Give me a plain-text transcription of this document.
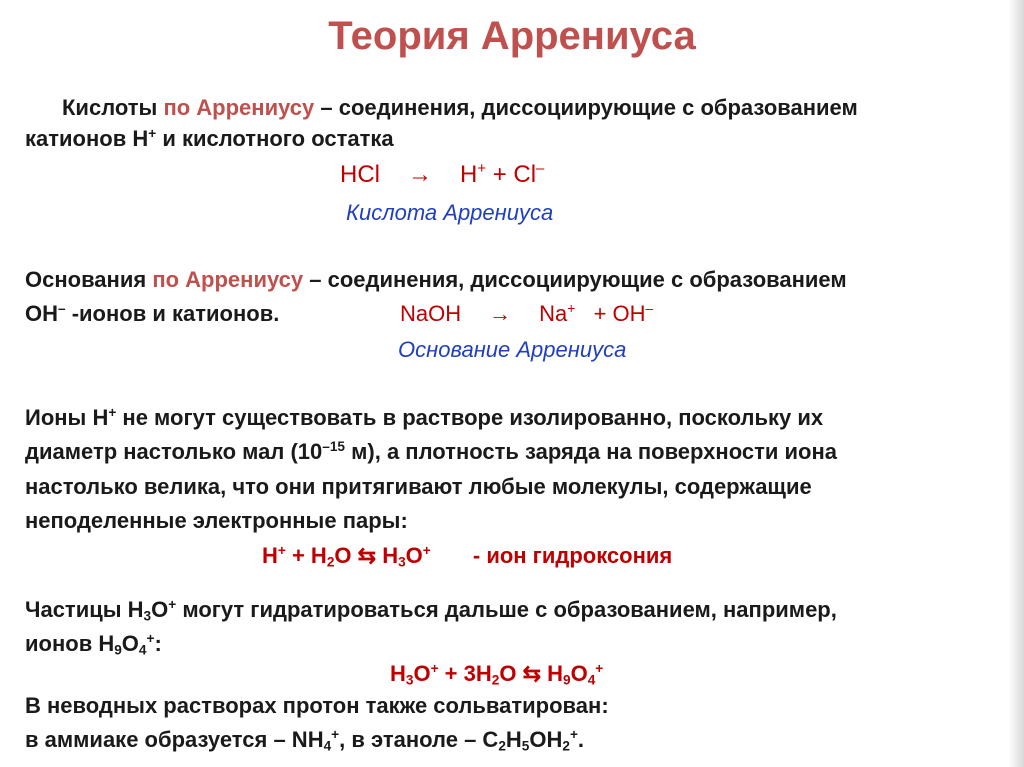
Теория Аррениуса
Кислоты по Аррениусу – соединения, диссоциирующие с образованием
катионов H+ и кислотного остатка
HCl → H+ + Cl–
Кислота Аррениуса
Основания по Аррениусу – соединения, диссоциирующие с образованием
OH– -ионов и катионов.	NaOH → Na+ + OH–
Основание Аррениуса
Ионы H+ не могут существовать в растворе изолированно, поскольку их
диаметр настолько мал ($10^{-15}$ м), а плотность заряда на поверхности иона
настолько велика, что они притягивают любые молекулы, содержащие
неподеленные электронные пары:
$H^+ + H_2O$ ⇆ $H_3O^+$ - ион гидроксония
Частицы $H_3O^+$ могут гидратироваться дальше с образованием, например,
ионов $H_9O_4^+$:
$H_3O^+ + 3H_2O$ ⇆ $H_9O_4^+$
В неводных растворах протон также сольватирован:
в аммиаке образуется – $NH_4^+$, в этаноле – $C_2H_5OH_2^+$.
